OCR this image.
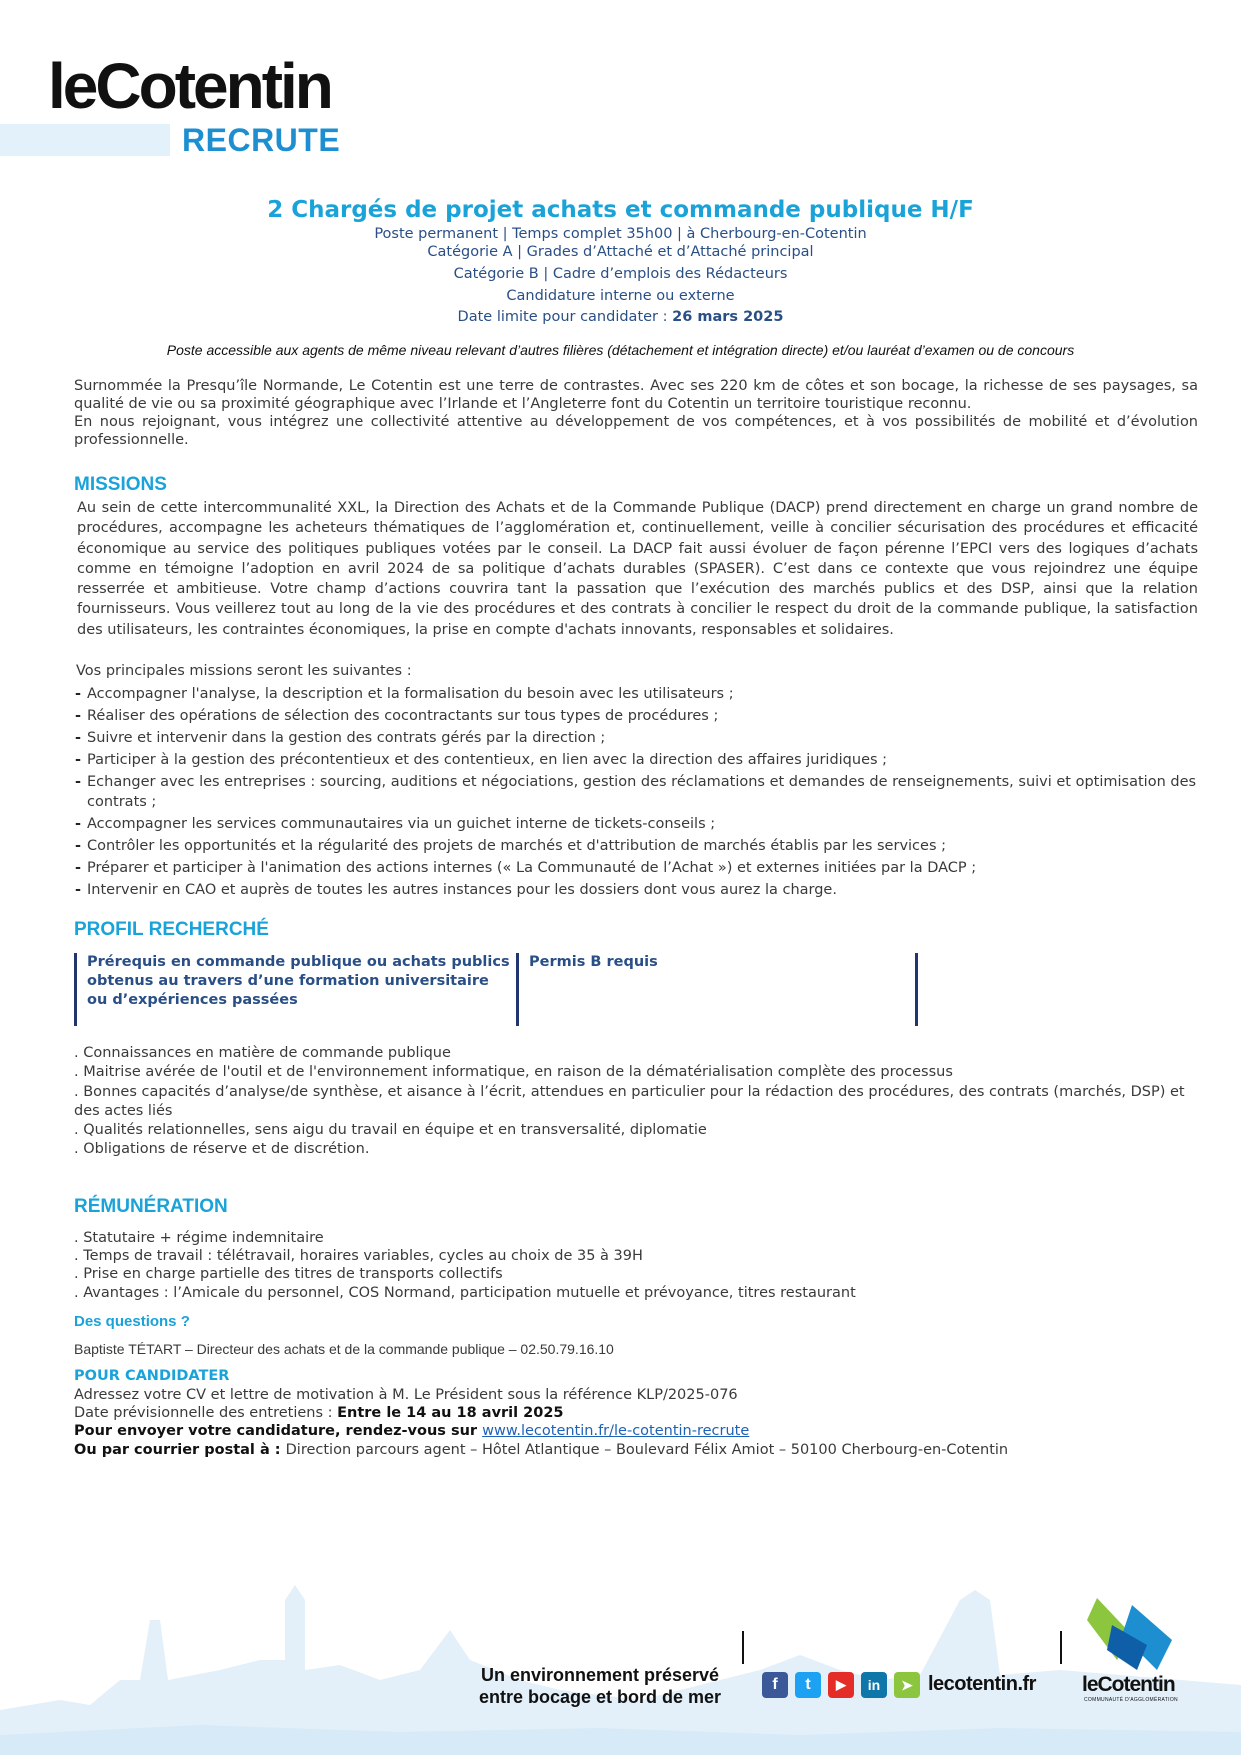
leCotentin
RECRUTE
2 Chargés de projet achats et commande publique H/F
Poste permanent | Temps complet 35h00 | à Cherbourg-en-Cotentin
Catégorie A | Grades d’Attaché et d’Attaché principal
Catégorie B | Cadre d’emplois des Rédacteurs
Candidature interne ou externe
Date limite pour candidater : 26 mars 2025
Poste accessible aux agents de même niveau relevant d’autres filières (détachement et intégration directe) et/ou lauréat d’examen ou de concours
Surnommée la Presqu’île Normande, Le Cotentin est une terre de contrastes. Avec ses 220 km de côtes et son bocage, la richesse de ses paysages, sa qualité de vie ou sa proximité géographique avec l’Irlande et l’Angleterre font du Cotentin un territoire touristique reconnu.
En nous rejoignant, vous intégrez une collectivité attentive au développement de vos compétences, et à vos possibilités de mobilité et d’évolution professionnelle.
MISSIONS
Au sein de cette intercommunalité XXL, la Direction des Achats et de la Commande Publique (DACP) prend directement en charge un grand nombre de procédures, accompagne les acheteurs thématiques de l’agglomération et, continuellement, veille à concilier sécurisation des procédures et efficacité économique au service des politiques publiques votées par le conseil. La DACP fait aussi évoluer de façon pérenne l’EPCI vers des logiques d’achats comme en témoigne l’adoption en avril 2024 de sa politique d’achats durables (SPASER). C’est dans ce contexte que vous rejoindrez une équipe resserrée et ambitieuse. Votre champ d’actions couvrira tant la passation que l’exécution des marchés publics et des DSP, ainsi que la relation fournisseurs. Vous veillerez tout au long de la vie des procédures et des contrats à concilier le respect du droit de la commande publique, la satisfaction des utilisateurs, les contraintes économiques, la prise en compte d'achats innovants, responsables et solidaires.
Vos principales missions seront les suivantes :
- Accompagner l'analyse, la description et la formalisation du besoin avec les utilisateurs ;
- Réaliser des opérations de sélection des cocontractants sur tous types de procédures ;
- Suivre et intervenir dans la gestion des contrats gérés par la direction ;
- Participer à la gestion des précontentieux et des contentieux, en lien avec la direction des affaires juridiques ;
- Echanger avec les entreprises : sourcing, auditions et négociations, gestion des réclamations et demandes de renseignements, suivi et optimisation des contrats ;
- Accompagner les services communautaires via un guichet interne de tickets-conseils ;
- Contrôler les opportunités et la régularité des projets de marchés et d'attribution de marchés établis par les services ;
- Préparer et participer à l'animation des actions internes (« La Communauté de l’Achat ») et externes initiées par la DACP ;
- Intervenir en CAO et auprès de toutes les autres instances pour les dossiers dont vous aurez la charge.
PROFIL RECHERCHÉ
Prérequis en commande publique ou achats publics obtenus au travers d’une formation universitaire ou d’expériences passées
Permis B requis
. Connaissances en matière de commande publique
. Maitrise avérée de l'outil et de l'environnement informatique, en raison de la dématérialisation complète des processus
. Bonnes capacités d’analyse/de synthèse, et aisance à l’écrit, attendues en particulier pour la rédaction des procédures, des contrats (marchés, DSP) et des actes liés
. Qualités relationnelles, sens aigu du travail en équipe et en transversalité, diplomatie
. Obligations de réserve et de discrétion.
RÉMUNÉRATION
. Statutaire + régime indemnitaire
. Temps de travail : télétravail, horaires variables, cycles au choix de 35 à 39H
. Prise en charge partielle des titres de transports collectifs
. Avantages : l’Amicale du personnel, COS Normand, participation mutuelle et prévoyance, titres restaurant
Des questions ?
Baptiste TÉTART – Directeur des achats et de la commande publique – 02.50.79.16.10
POUR CANDIDATER
Adressez votre CV et lettre de motivation à M. Le Président sous la référence KLP/2025-076
Date prévisionnelle des entretiens : Entre le 14 au 18 avril 2025
Pour envoyer votre candidature, rendez-vous sur www.lecotentin.fr/le-cotentin-recrute
Ou par courrier postal à : Direction parcours agent – Hôtel Atlantique – Boulevard Félix Amiot – 50100 Cherbourg-en-Cotentin
Un environnement préservé
entre bocage et bord de mer
f	t	▶	in	➤ lecotentin.fr leCotentin
COMMUNAUTÉ D'AGGLOMÉRATION
